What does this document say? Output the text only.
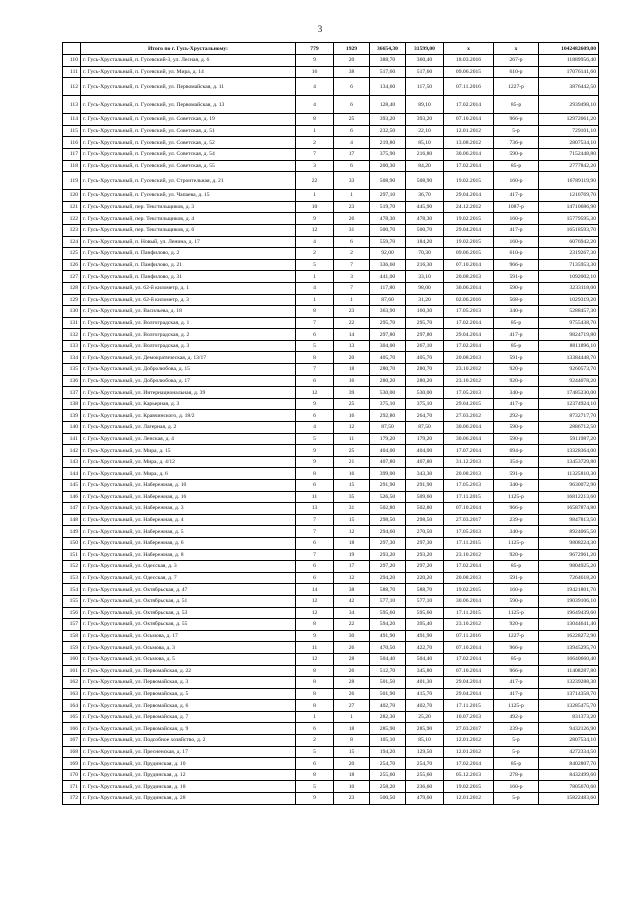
3
	Итого по г. Гусь-Хрустальному:	779	1929	36654,30	31599,00	x	x	1042482609,00
110	г. Гусь-Хрустальный, п. Гусевский-3, ул. Лесная, д. 6	9	20	388,70	360,40	18.03.2016	267-р	11889956,40
111	г. Гусь-Хрустальный, п. Гусевский, ул. Мира, д. 14	16	38	517,60	517,60	09.06.2015	610-р	17076141,60
112	г. Гусь-Хрустальный, п. Гусевский, ул. Первомайская, д. 11	4	6	134,60	117,50	07.11.2016	1227-р	3876442,50
113	г. Гусь-Хрустальный, п. Гусевский, ул. Первомайская, д. 13	4	6	128,40	89,10	17.02.2014	85-р	2939498,10
114	г. Гусь-Хрустальный, п. Гусевский, ул. Советская, д. 19	8	25	393,20	393,20	07.10.2014	966-р	12972061,20
115	г. Гусь-Хрустальный, п. Гусевский, ул. Советская, д. 51	1	6	232,50	22,10	12.01.2012	5-р	729101,10
116	г. Гусь-Хрустальный, п. Гусевский, ул. Советская, д. 52	2	4	219,80	85,10	13.08.2012	736-р	2807534,10
117	г. Гусь-Хрустальный, п. Гусевский, ул. Советская, д. 54	7	17	375,90	216,80	30.06.2014	590-р	7152448,80
118	г. Гусь-Хрустальный, п. Гусевский, ул. Советская, д. 55	3	6	200,30	84,20	17.02.2014	85-р	2777842,20
119	г. Гусь-Хрустальный, п. Гусевский, ул. Строительная, д. 21	22	33	508,90	508,90	19.02.2015	160-р	16789119,90
120	г. Гусь-Хрустальный, п. Гусевский, ул. Чапаева, д. 15	1	1	297,10	36,70	29.04.2014	417-р	1210769,70
121	г. Гусь-Хрустальный, пер. Текстильщиков, д. 3	10	23	519,70	445,90	24.12.2012	1087-р	14710686,90
122	г. Гусь-Хрустальный, пер. Текстильщиков, д. 4	9	26	478,30	478,30	19.02.2015	160-р	15779595,30
123	г. Гусь-Хрустальный, пер. Текстильщиков, д. 6	12	31	500,70	500,70	29.04.2014	417-р	16518593,70
124	г. Гусь-Хрустальный, п. Новый, ул. Ленина, д. 17	4	6	559,70	184,20	19.02.2015	160-р	6076942,20
125	г. Гусь-Хрустальный, п. Панфилово, д. 2	2	2	92,00	70,30	09.06.2015	610-р	2319267,30
126	г. Гусь-Хрустальный, п. Панфилово, д. 21	5	7	336,60	216,30	07.10.2014	966-р	7135953,30
127	г. Гусь-Хрустальный, п. Панфилово, д. 31	1	3	441,00	33,10	20.08.2013	591-р	1092002,10
128	г. Гусь-Хрустальный, ул. 62-й километр, д. 1	4	7	117,80	98,00	30.06.2014	590-р	3233118,00
129	г. Гусь-Хрустальный, ул. 62-й километр, д. 3	1	1	87,60	31,20	02.06.2016	568-р	1029319,20
130	г. Гусь-Хрустальный, ул. Васильева, д. 18	8	23	363,90	160,30	17.05.2013	340-р	5288457,30
131	г. Гусь-Хрустальный, ул. Волгоградская, д. 1	7	22	295,70	295,70	17.02.2014	85-р	9755438,70
132	г. Гусь-Хрустальный, ул. Волгоградская, д. 2	6	14	297,80	297,80	29.04.2014	417-р	9824719,80
133	г. Гусь-Хрустальный, ул. Волгоградская, д. 3	5	13	304,00	267,10	17.02.2014	85-р	8811896,10
134	г. Гусь-Хрустальный, ул. Демократическая, д. 13/17	8	20	405,70	405,70	20.08.2013	591-р	13384448,70
135	г. Гусь-Хрустальный, ул. Добролюбова, д. 15	7	18	280,70	280,70	23.10.2012	920-р	9260573,70
136	г. Гусь-Хрустальный, ул. Добролюбова, д. 17	6	16	280,20	280,20	23.10.2012	920-р	9244078,20
137	г. Гусь-Хрустальный, ул. Интернациональная, д. 39	12	39	530,00	530,00	17.05.2013	340-р	17485230,00
138	г. Гусь-Хрустальный, ул. Карьерная, д. 3	9	25	375,10	375,10	29.04.2015	417-р	12374924,10
139	г. Гусь-Хрустальный, ул. Кравчинского, д. 18/2	6	16	292,80	264,70	27.03.2012	292-р	8732717,70
140	г. Гусь-Хрустальный, ул. Лагерная, д. 2	4	12	87,50	87,50	30.06.2014	590-р	2886712,50
141	г. Гусь-Хрустальный, ул. Ленская, д. 4	5	11	179,20	179,20	30.06.2014	590-р	5911987,20
142	г. Гусь-Хрустальный, ул. Мира, д. 15	9	25	404,00	404,00	17.07.2014	694-р	13328364,00
143	г. Гусь-Хрустальный, ул. Мира, д. 4/12	9	21	407,80	407,80	31.12.2013	354-р	13453729,80
144	г. Гусь-Хрустальный, ул. Мира, д. 6	8	16	399,00	343,30	20.08.2013	591-р	11325810,30
145	г. Гусь-Хрустальный, ул. Набережная, д. 10	6	15	291,90	291,90	17.05.2013	340-р	9630072,90
146	г. Гусь-Хрустальный, ул. Набережная, д. 16	11	35	526,50	509,60	17.11.2015	1125-р	16812213,60
147	г. Гусь-Хрустальный, ул. Набережная, д. 3	13	31	502,80	502,80	07.10.2014	966-р	16587874,80
148	г. Гусь-Хрустальный, ул. Набережная, д. 4	7	15	298,50	298,50	27.03.2017	239-р	9847813,50
149	г. Гусь-Хрустальный, ул. Набережная, д. 5	7	12	294,60	270,50	17.05.2013	340-р	8924065,50
150	г. Гусь-Хрустальный, ул. Набережная, д. 6	6	18	297,30	297,30	17.11.2015	1125-р	9808224,30
151	г. Гусь-Хрустальный, ул. Набережная, д. 8	7	19	293,20	293,20	23.10.2012	920-р	9672961,20
152	г. Гусь-Хрустальный, ул. Одесская, д. 3	6	17	297,20	297,20	17.02.2014	85-р	9804925,20
153	г. Гусь-Хрустальный, ул. Одесская, д. 7	6	12	294,20	220,20	20.08.2013	591-р	7264618,20
154	г. Гусь-Хрустальный, ул. Октябрьская, д. 47	14	38	588,70	588,70	19.02.2015	160-р	19421801,70
155	г. Гусь-Хрустальный, ул. Октябрьская, д. 51	12	42	577,10	577,10	30.06.2014	590-р	19039106,10
156	г. Гусь-Хрустальный, ул. Октябрьская, д. 53	12	34	595,60	595,60	17.11.2015	1125-р	19649439,60
157	г. Гусь-Хрустальный, ул. Октябрьская, д. 55	8	22	594,20	395,40	23.10.2012	920-р	13044641,40
158	г. Гусь-Хрустальный, ул. Осьмова, д. 17	9	30	491,90	491,90	07.11.2016	1227-р	16228272,90
159	г. Гусь-Хрустальный, ул. Осьмова, д. 3	11	26	470,50	422,70	07.10.2014	966-р	13945295,70
160	г. Гусь-Хрустальный, ул. Осьмова, д. 5	12	28	504,40	504,40	17.02.2014	85-р	16640660,40
161	г. Гусь-Хрустальный, ул. Первомайская, д. 22	8	26	512,70	345,80	07.10.2014	966-р	11408287,80
162	г. Гусь-Хрустальный, ул. Первомайская, д. 3	8	28	501,50	401,30	29.04.2014	417-р	13239288,30
163	г. Гусь-Хрустальный, ул. Первомайская, д. 5	8	26	501,90	415,70	29.04.2014	417-р	13714358,70
164	г. Гусь-Хрустальный, ул. Первомайская, д. 6	8	27	402,70	402,70	17.11.2015	1125-р	13285475,70
165	г. Гусь-Хрустальный, ул. Первомайская, д. 7	1	1	282,30	25,20	10.07.2013	492-р	831373,20
166	г. Гусь-Хрустальный, ул. Первомайская, д. 9	6	18	285,90	285,90	27.03.2017	239-р	9432126,90
167	г. Гусь-Хрустальный, ул. Подсобное хозяйство, д. 2	2	8	105,10	85,10	12.01.2012	5-р	2807534,10
168	г. Гусь-Хрустальный, ул. Пресненская, д. 17	5	15	194,20	129,50	12.01.2012	5-р	4272334,50
169	г. Гусь-Хрустальный, ул. Прудинская, д. 10	6	20	254,70	254,70	17.02.2014	85-р	8402807,70
170	г. Гусь-Хрустальный, ул. Прудинская, д. 12	8	18	255,60	255,60	05.12.2013	278-р	8432499,60
171	г. Гусь-Хрустальный, ул. Прудинская, д. 18	5	10	258,20	236,60	19.02.2015	160-р	7805670,60
172	г. Гусь-Хрустальный, ул. Прудинская, д. 28	9	23	500,50	479,60	12.01.2012	5-р	15822483,60
